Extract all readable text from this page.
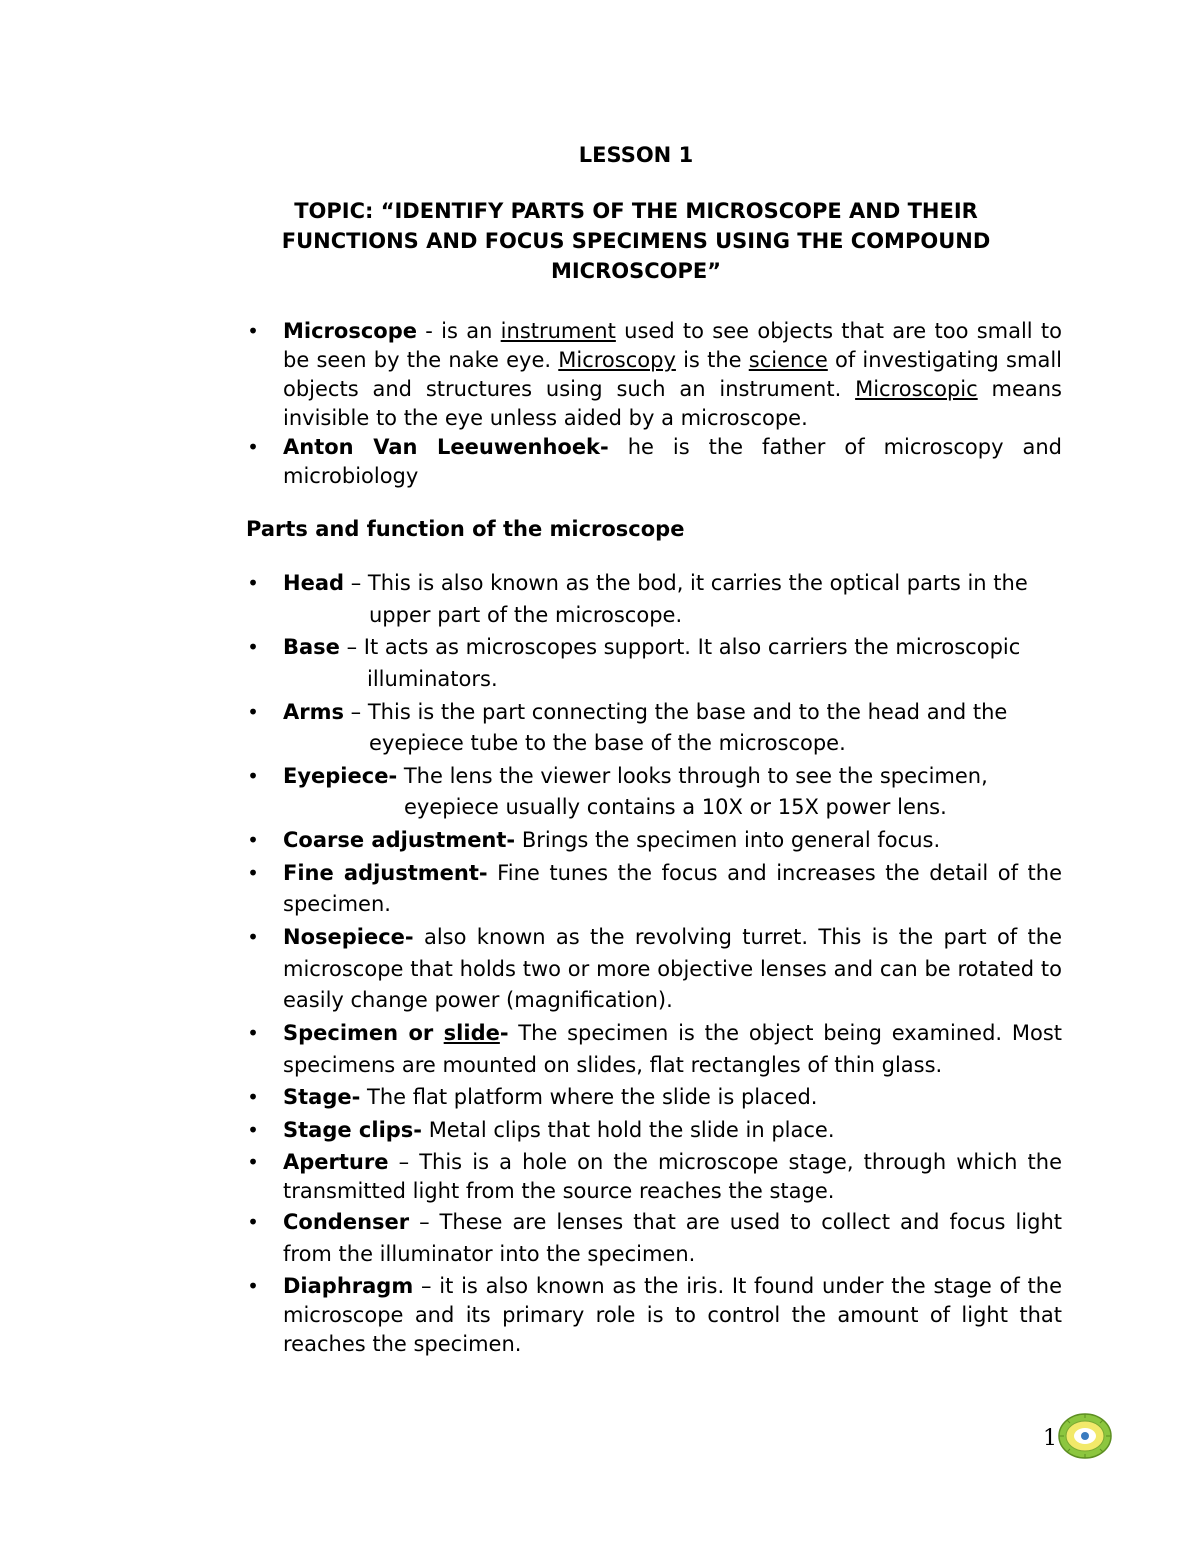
LESSON 1
TOPIC: “IDENTIFY PARTS OF THE MICROSCOPE AND THEIR
FUNCTIONS AND FOCUS SPECIMENS USING THE COMPOUND
MICROSCOPE”
• Microscope - is an instrument used to see objects that are too small to be seen by the nake eye. Microscopy is the science of investigating small objects and structures using such an instrument. Microscopic means invisible to the eye unless aided by a microscope.
• Anton Van Leeuwenhoek- he is the father of microscopy and microbiology
Parts and function of the microscope
• Head – This is also known as the bod, it carries the optical parts in the
upper part of the microscope.
• Base – It acts as microscopes support. It also carriers the microscopic
illuminators.
• Arms – This is the part connecting the base and to the head and the
eyepiece tube to the base of the microscope.
• Eyepiece- The lens the viewer looks through to see the specimen,
eyepiece usually contains a 10X or 15X power lens.
• Coarse adjustment- Brings the specimen into general focus.
• Fine adjustment- Fine tunes the focus and increases the detail of the specimen.
• Nosepiece- also known as the revolving turret. This is the part of the microscope that holds two or more objective lenses and can be rotated to easily change power (magnification).
• Specimen or slide- The specimen is the object being examined. Most specimens are mounted on slides, flat rectangles of thin glass.
• Stage- The flat platform where the slide is placed.
• Stage clips- Metal clips that hold the slide in place.
• Aperture – This is a hole on the microscope stage, through which the transmitted light from the source reaches the stage.
• Condenser – These are lenses that are used to collect and focus light from the illuminator into the specimen.
• Diaphragm – it is also known as the iris. It found under the stage of the microscope and its primary role is to control the amount of light that reaches the specimen.
1
